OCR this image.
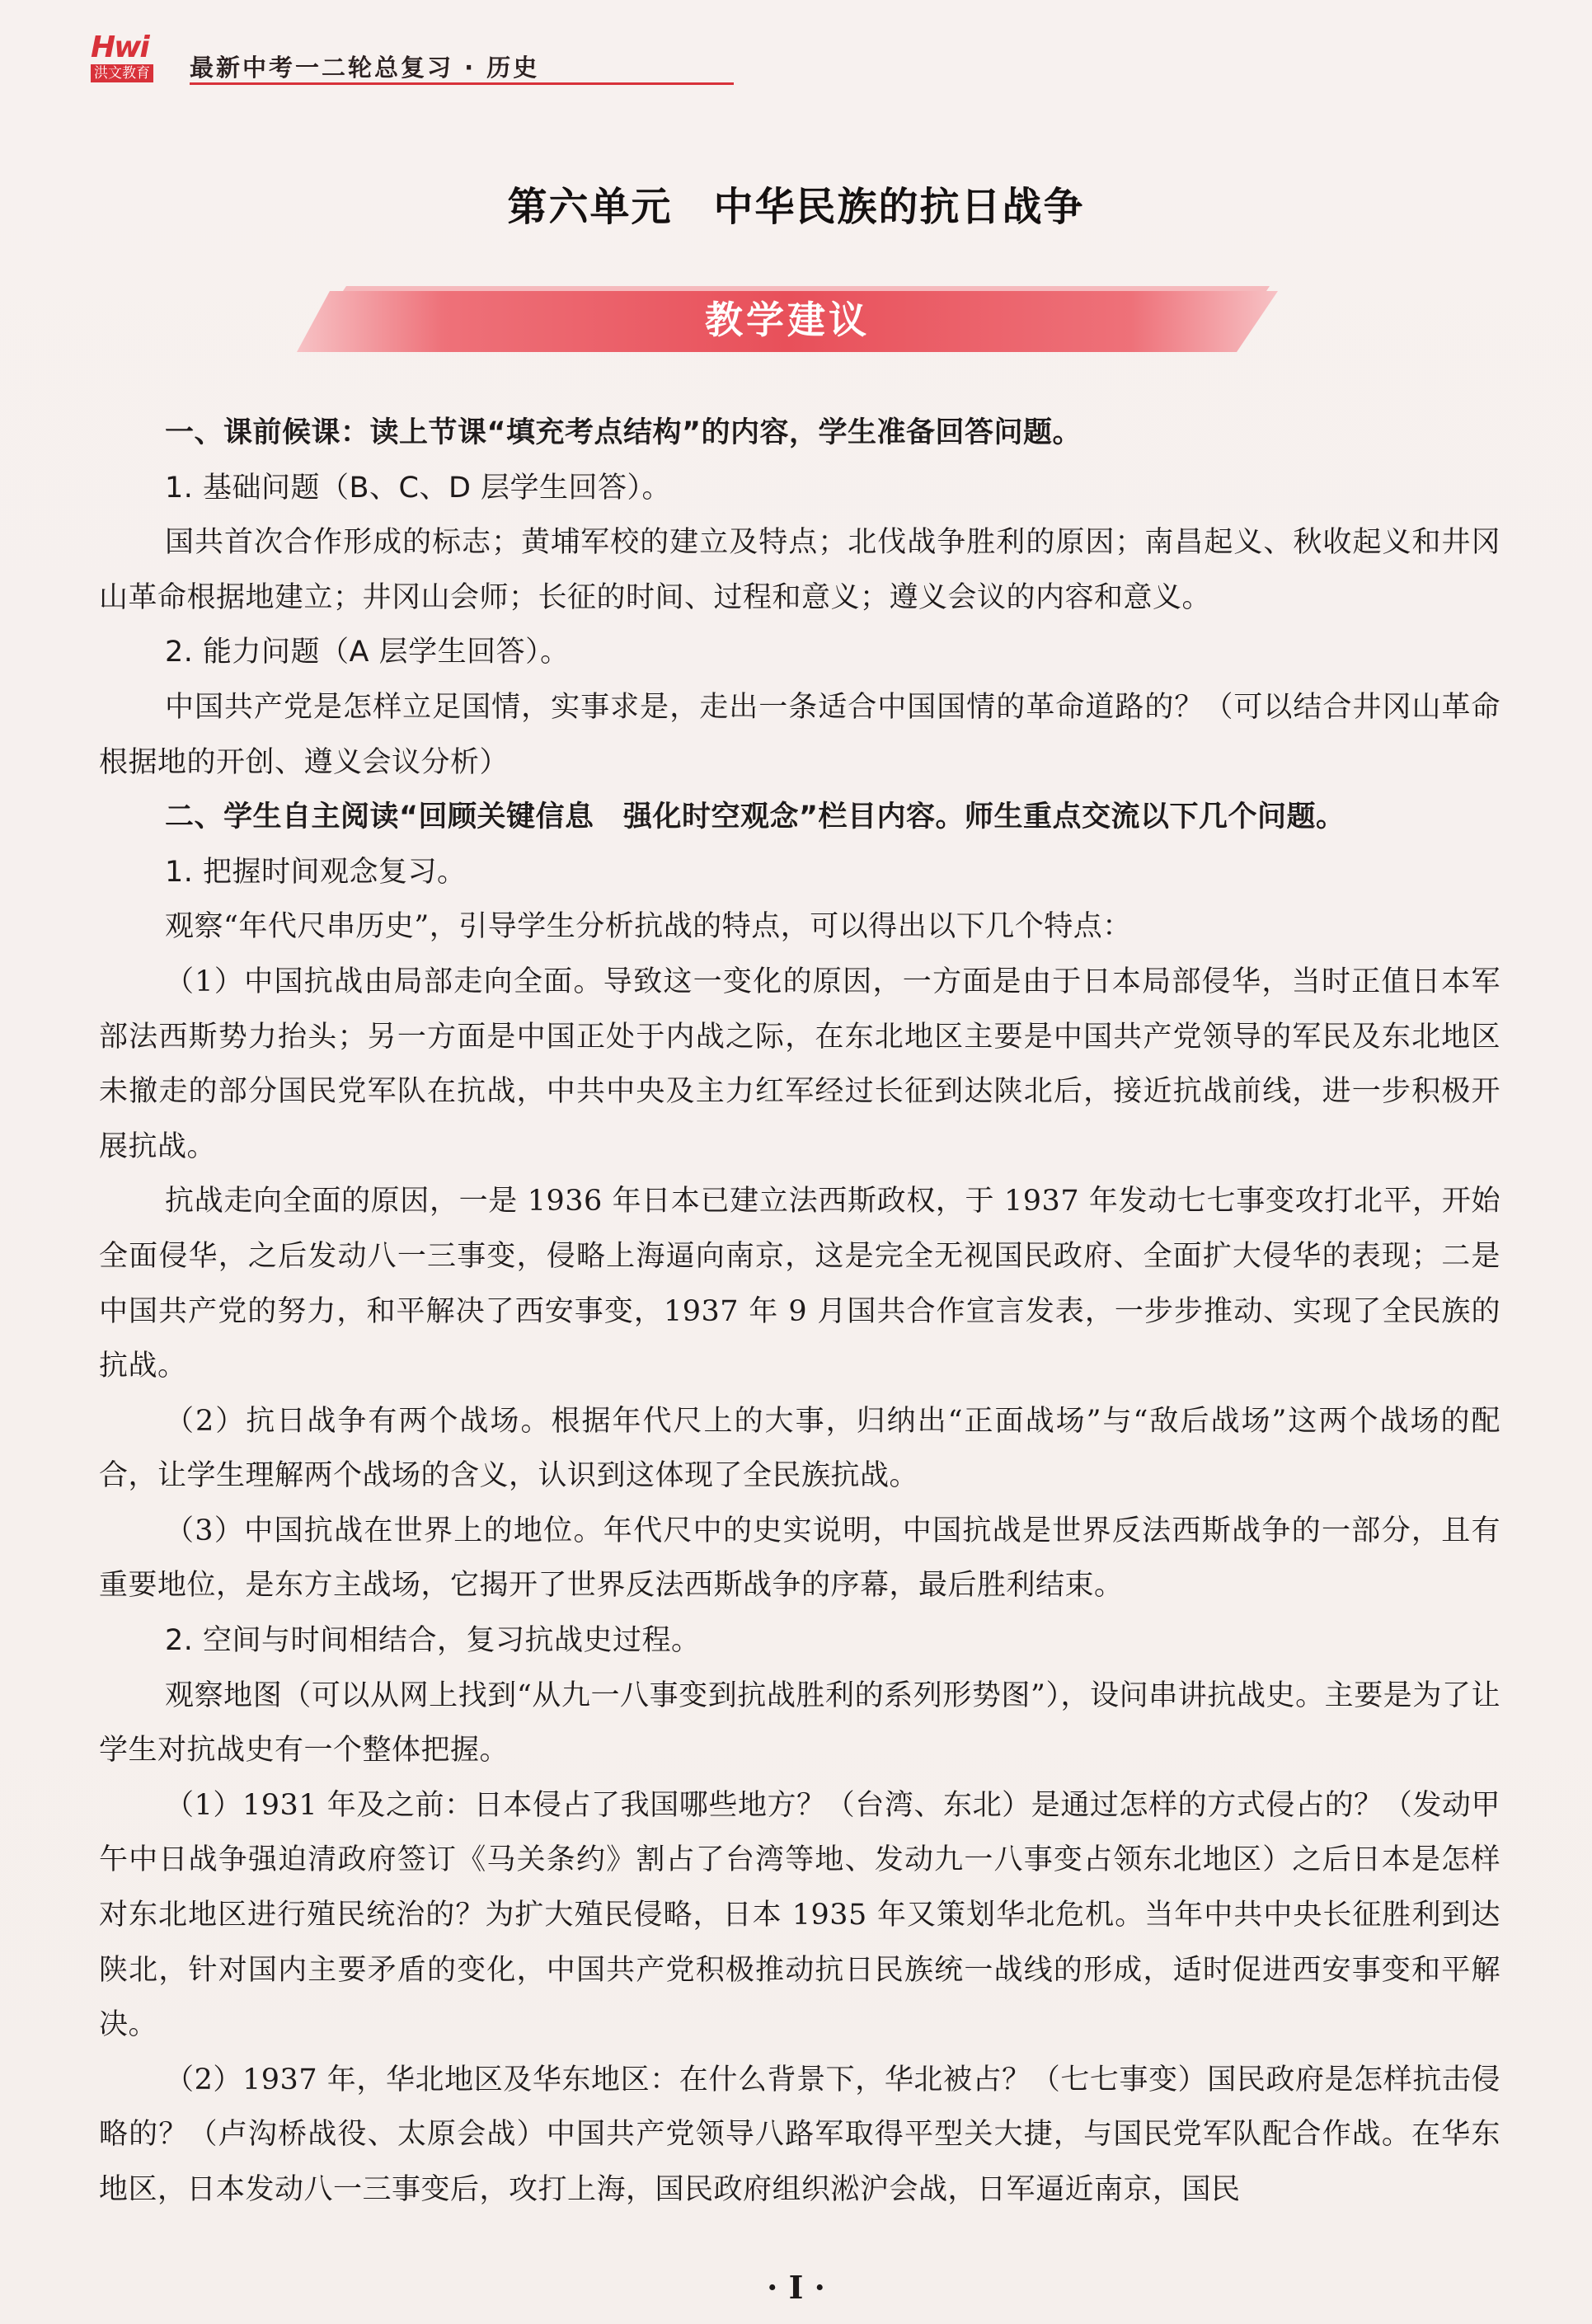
Hwi
洪文教育	最新中考一二轮总复习 · 历史
第六单元　中华民族的抗日战争
教学建议

一、课前候课：读上节课“填充考点结构”的内容，学生准备回答问题。

1. 基础问题（B、C、D 层学生回答）。

国共首次合作形成的标志；黄埔军校的建立及特点；北伐战争胜利的原因；南昌起义、秋收起义和井冈山革命根据地建立；井冈山会师；长征的时间、过程和意义；遵义会议的内容和意义。

2. 能力问题（A 层学生回答）。

中国共产党是怎样立足国情，实事求是，走出一条适合中国国情的革命道路的？（可以结合井冈山革命根据地的开创、遵义会议分析）

二、学生自主阅读“回顾关键信息　强化时空观念”栏目内容。师生重点交流以下几个问题。

1. 把握时间观念复习。

观察“年代尺串历史”，引导学生分析抗战的特点，可以得出以下几个特点：

（1）中国抗战由局部走向全面。导致这一变化的原因，一方面是由于日本局部侵华，当时正值日本军部法西斯势力抬头；另一方面是中国正处于内战之际，在东北地区主要是中国共产党领导的军民及东北地区未撤走的部分国民党军队在抗战，中共中央及主力红军经过长征到达陕北后，接近抗战前线，进一步积极开展抗战。

抗战走向全面的原因，一是 1936 年日本已建立法西斯政权，于 1937 年发动七七事变攻打北平，开始全面侵华，之后发动八一三事变，侵略上海逼向南京，这是完全无视国民政府、全面扩大侵华的表现；二是中国共产党的努力，和平解决了西安事变，1937 年 9 月国共合作宣言发表，一步步推动、实现了全民族的抗战。

（2）抗日战争有两个战场。根据年代尺上的大事，归纳出“正面战场”与“敌后战场”这两个战场的配合，让学生理解两个战场的含义，认识到这体现了全民族抗战。

（3）中国抗战在世界上的地位。年代尺中的史实说明，中国抗战是世界反法西斯战争的一部分，且有重要地位，是东方主战场，它揭开了世界反法西斯战争的序幕，最后胜利结束。

2. 空间与时间相结合，复习抗战史过程。

观察地图（可以从网上找到“从九一八事变到抗战胜利的系列形势图”），设问串讲抗战史。主要是为了让学生对抗战史有一个整体把握。

（1）1931 年及之前：日本侵占了我国哪些地方？（台湾、东北）是通过怎样的方式侵占的？（发动甲午中日战争强迫清政府签订《马关条约》割占了台湾等地、发动九一八事变占领东北地区）之后日本是怎样对东北地区进行殖民统治的？为扩大殖民侵略，日本 1935 年又策划华北危机。当年中共中央长征胜利到达陕北，针对国内主要矛盾的变化，中国共产党积极推动抗日民族统一战线的形成，适时促进西安事变和平解决。

（2）1937 年，华北地区及华东地区：在什么背景下，华北被占？（七七事变）国民政府是怎样抗击侵略的？（卢沟桥战役、太原会战）中国共产党领导八路军取得平型关大捷，与国民党军队配合作战。在华东地区，日本发动八一三事变后，攻打上海，国民政府组织淞沪会战，日军逼近南京，国民

· I ·
